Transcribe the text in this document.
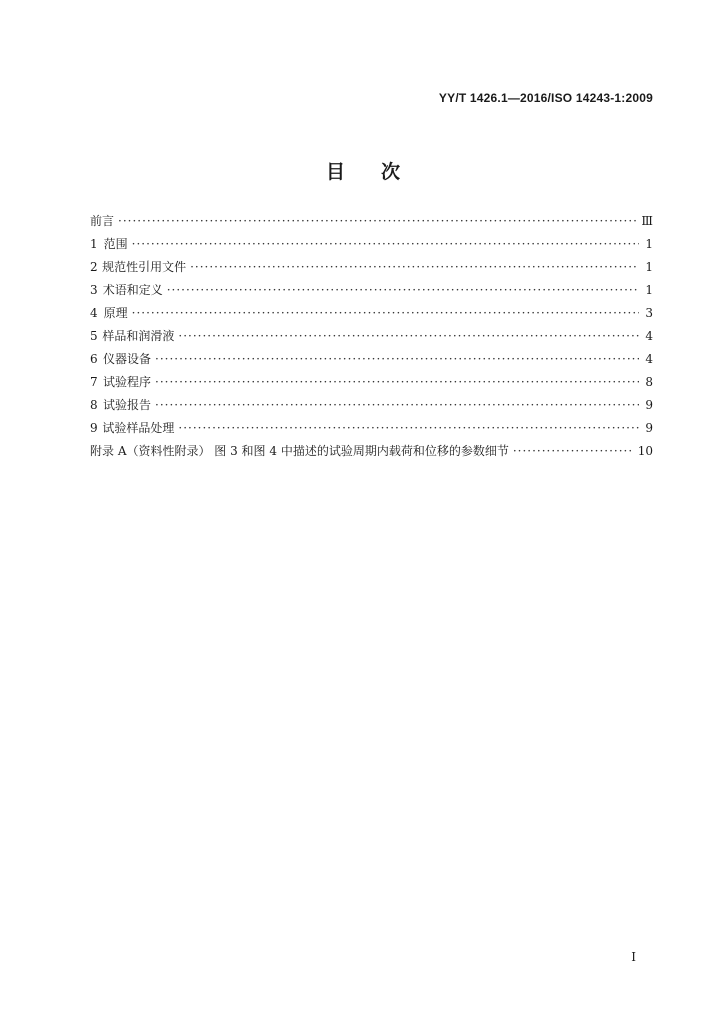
YY/T 1426.1—2016/ISO 14243-1:2009
目 次
前言 ·····	Ⅲ
1 范围 ·····	1
2 规范性引用文件 ·····	1
3 术语和定义 ·····	1
4 原理 ·····	3
5 样品和润滑液 ·····	4
6 仪器设备 ·····	4
7 试验程序 ·····	8
8 试验报告 ·····	9
9 试验样品处理 ·····	9
附录 A（资料性附录） 图 3 和图 4 中描述的试验周期内载荷和位移的参数细节 ·····	10
I
